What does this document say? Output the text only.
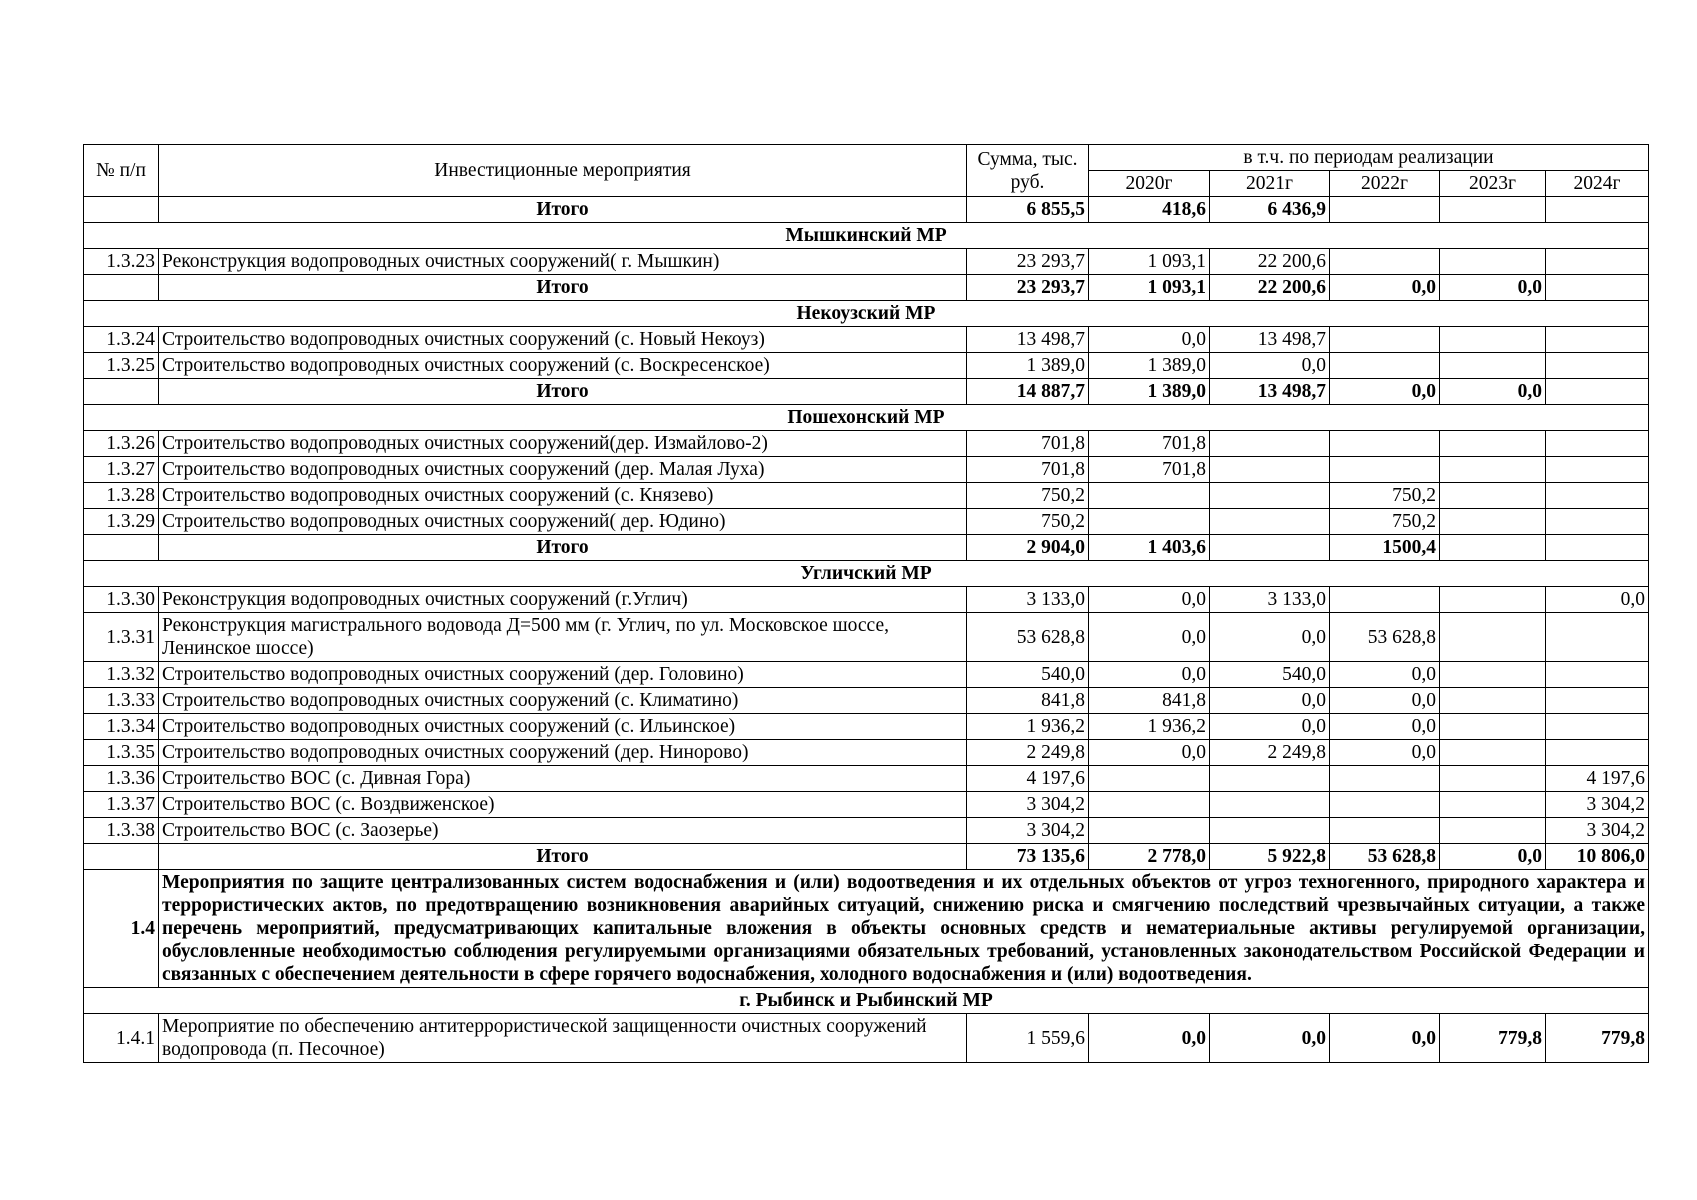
№ п/п	Инвестиционные мероприятия	Сумма, тыс. руб.	в т.ч. по периодам реализации				
			2020г	2021г	2022г	2023г	2024г
	Итого	6 855,5	418,6	6 436,9			
Мышкинский МР							
1.3.23	Реконструкция водопроводных очистных сооружений( г. Мышкин)	23 293,7	1 093,1	22 200,6			
	Итого	23 293,7	1 093,1	22 200,6	0,0	0,0	
Некоузский МР							
1.3.24	Строительство водопроводных очистных сооружений (с. Новый Некоуз)	13 498,7	0,0	13 498,7			
1.3.25	Строительство водопроводных очистных сооружений (с. Воскресенское)	1 389,0	1 389,0	0,0			
	Итого	14 887,7	1 389,0	13 498,7	0,0	0,0	
Пошехонский МР							
1.3.26	Строительство водопроводных очистных сооружений(дер. Измайлово-2)	701,8	701,8				
1.3.27	Строительство водопроводных очистных сооружений (дер. Малая Луха)	701,8	701,8				
1.3.28	Строительство водопроводных очистных сооружений (с. Князево)	750,2			750,2		
1.3.29	Строительство водопроводных очистных сооружений( дер. Юдино)	750,2			750,2		
	Итого	2 904,0	1 403,6		1500,4		
Угличский МР							
1.3.30	Реконструкция водопроводных очистных сооружений (г.Углич)	3 133,0	0,0	3 133,0			0,0
1.3.31	Реконструкция магистрального водовода Д=500 мм (г. Углич, по ул. Московское шоссе, Ленинское шоссе)	53 628,8	0,0	0,0	53 628,8		
1.3.32	Строительство водопроводных очистных сооружений (дер. Головино)	540,0	0,0	540,0	0,0		
1.3.33	Строительство водопроводных очистных сооружений (с. Климатино)	841,8	841,8	0,0	0,0		
1.3.34	Строительство водопроводных очистных сооружений (с. Ильинское)	1 936,2	1 936,2	0,0	0,0		
1.3.35	Строительство водопроводных очистных сооружений (дер. Нинорово)	2 249,8	0,0	2 249,8	0,0		
1.3.36	Строительство ВОС (с. Дивная Гора)	4 197,6					4 197,6
1.3.37	Строительство ВОС (с. Воздвиженское)	3 304,2					3 304,2
1.3.38	Строительство ВОС (с. Заозерье)	3 304,2					3 304,2
	Итого	73 135,6	2 778,0	5 922,8	53 628,8	0,0	10 806,0
1.4	Мероприятия по защите централизованных систем водоснабжения и (или) водоотведения и их отдельных объектов от угроз техногенного, природного характера и террористических актов, по предотвращению возникновения аварийных ситуаций, снижению риска и смягчению последствий чрезвычайных ситуации, а также перечень мероприятий, предусматривающих капитальные вложения в объекты основных средств и нематериальные активы регулируемой организации, обусловленные необходимостью соблюдения регулируемыми организациями обязательных требований, установленных законодательством Российской Федерации и связанных с обеспечением деятельности в сфере горячего водоснабжения, холодного водоснабжения и (или) водоотведения.						
г. Рыбинск и Рыбинский МР							
1.4.1	Мероприятие по обеспечению антитеррористической защищенности очистных сооружений водопровода (п. Песочное)	1 559,6	0,0	0,0	0,0	779,8	779,8
